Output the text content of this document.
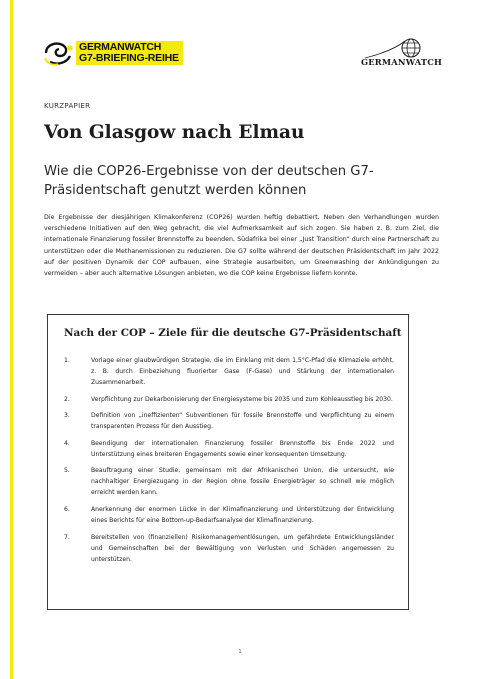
GERMANWATCH
G7-BRIEFING-REIHE	GERMANWATCH
KURZPAPIER
Von Glasgow nach Elmau

Wie die COP26-Ergebnisse von der deutschen G7-Präsidentschaft genutzt werden können

Die Ergebnisse der diesjährigen Klimakonferenz (COP26) wurden heftig debattiert. Neben den Verhandlungen wurden verschiedene Initiativen auf den Weg gebracht, die viel Aufmerksamkeit auf sich zogen. Sie haben z. B. zum Ziel, die internationale Finanzierung fossiler Brennstoffe zu beenden, Südafrika bei einer „Just Transition“ durch eine Partnerschaft zu unterstützen oder die Methanemissionen zu reduzieren. Die G7 sollte während der deutschen Präsidentschaft im Jahr 2022 auf der positiven Dynamik der COP aufbauen, eine Strategie ausarbeiten, um Greenwashing der Ankündigungen zu vermeiden – aber auch alternative Lösungen anbieten, wo die COP keine Ergebnisse liefern konnte.

Nach der COP – Ziele für die deutsche G7-Präsidentschaft
1.	Vorlage einer glaubwürdigen Strategie, die im Einklang mit dem 1,5°C-Pfad die Klimaziele erhöht, z. B. durch Einbeziehung fluorierter Gase (F-Gase) und Stärkung der internationalen Zusammenarbeit.
2.	Verpflichtung zur Dekarbonisierung der Energiesysteme bis 2035 und zum Kohleausstieg bis 2030.
3.	Definition von „ineffizienten“ Subventionen für fossile Brennstoffe und Verpflichtung zu einem transparenten Prozess für den Ausstieg.
4.	Beendigung der internationalen Finanzierung fossiler Brennstoffe bis Ende 2022 und Unterstützung eines breiteren Engagements sowie einer konsequenten Umsetzung.
5.	Beauftragung einer Studie, gemeinsam mit der Afrikanischen Union, die untersucht, wie nachhaltiger Energiezugang in der Region ohne fossile Energieträger so schnell wie möglich erreicht werden kann.
6.	Anerkennung der enormen Lücke in der Klimafinanzierung und Unterstützung der Entwicklung eines Berichts für eine Bottom-up-Bedarfsanalyse der Klimafinanzierung.
7.	Bereitstellen von (finanziellen) Risikomanagementlösungen, um gefährdete Entwicklungsländer und Gemeinschaften bei der Bewältigung von Verlusten und Schäden angemessen zu unterstützen.
1
